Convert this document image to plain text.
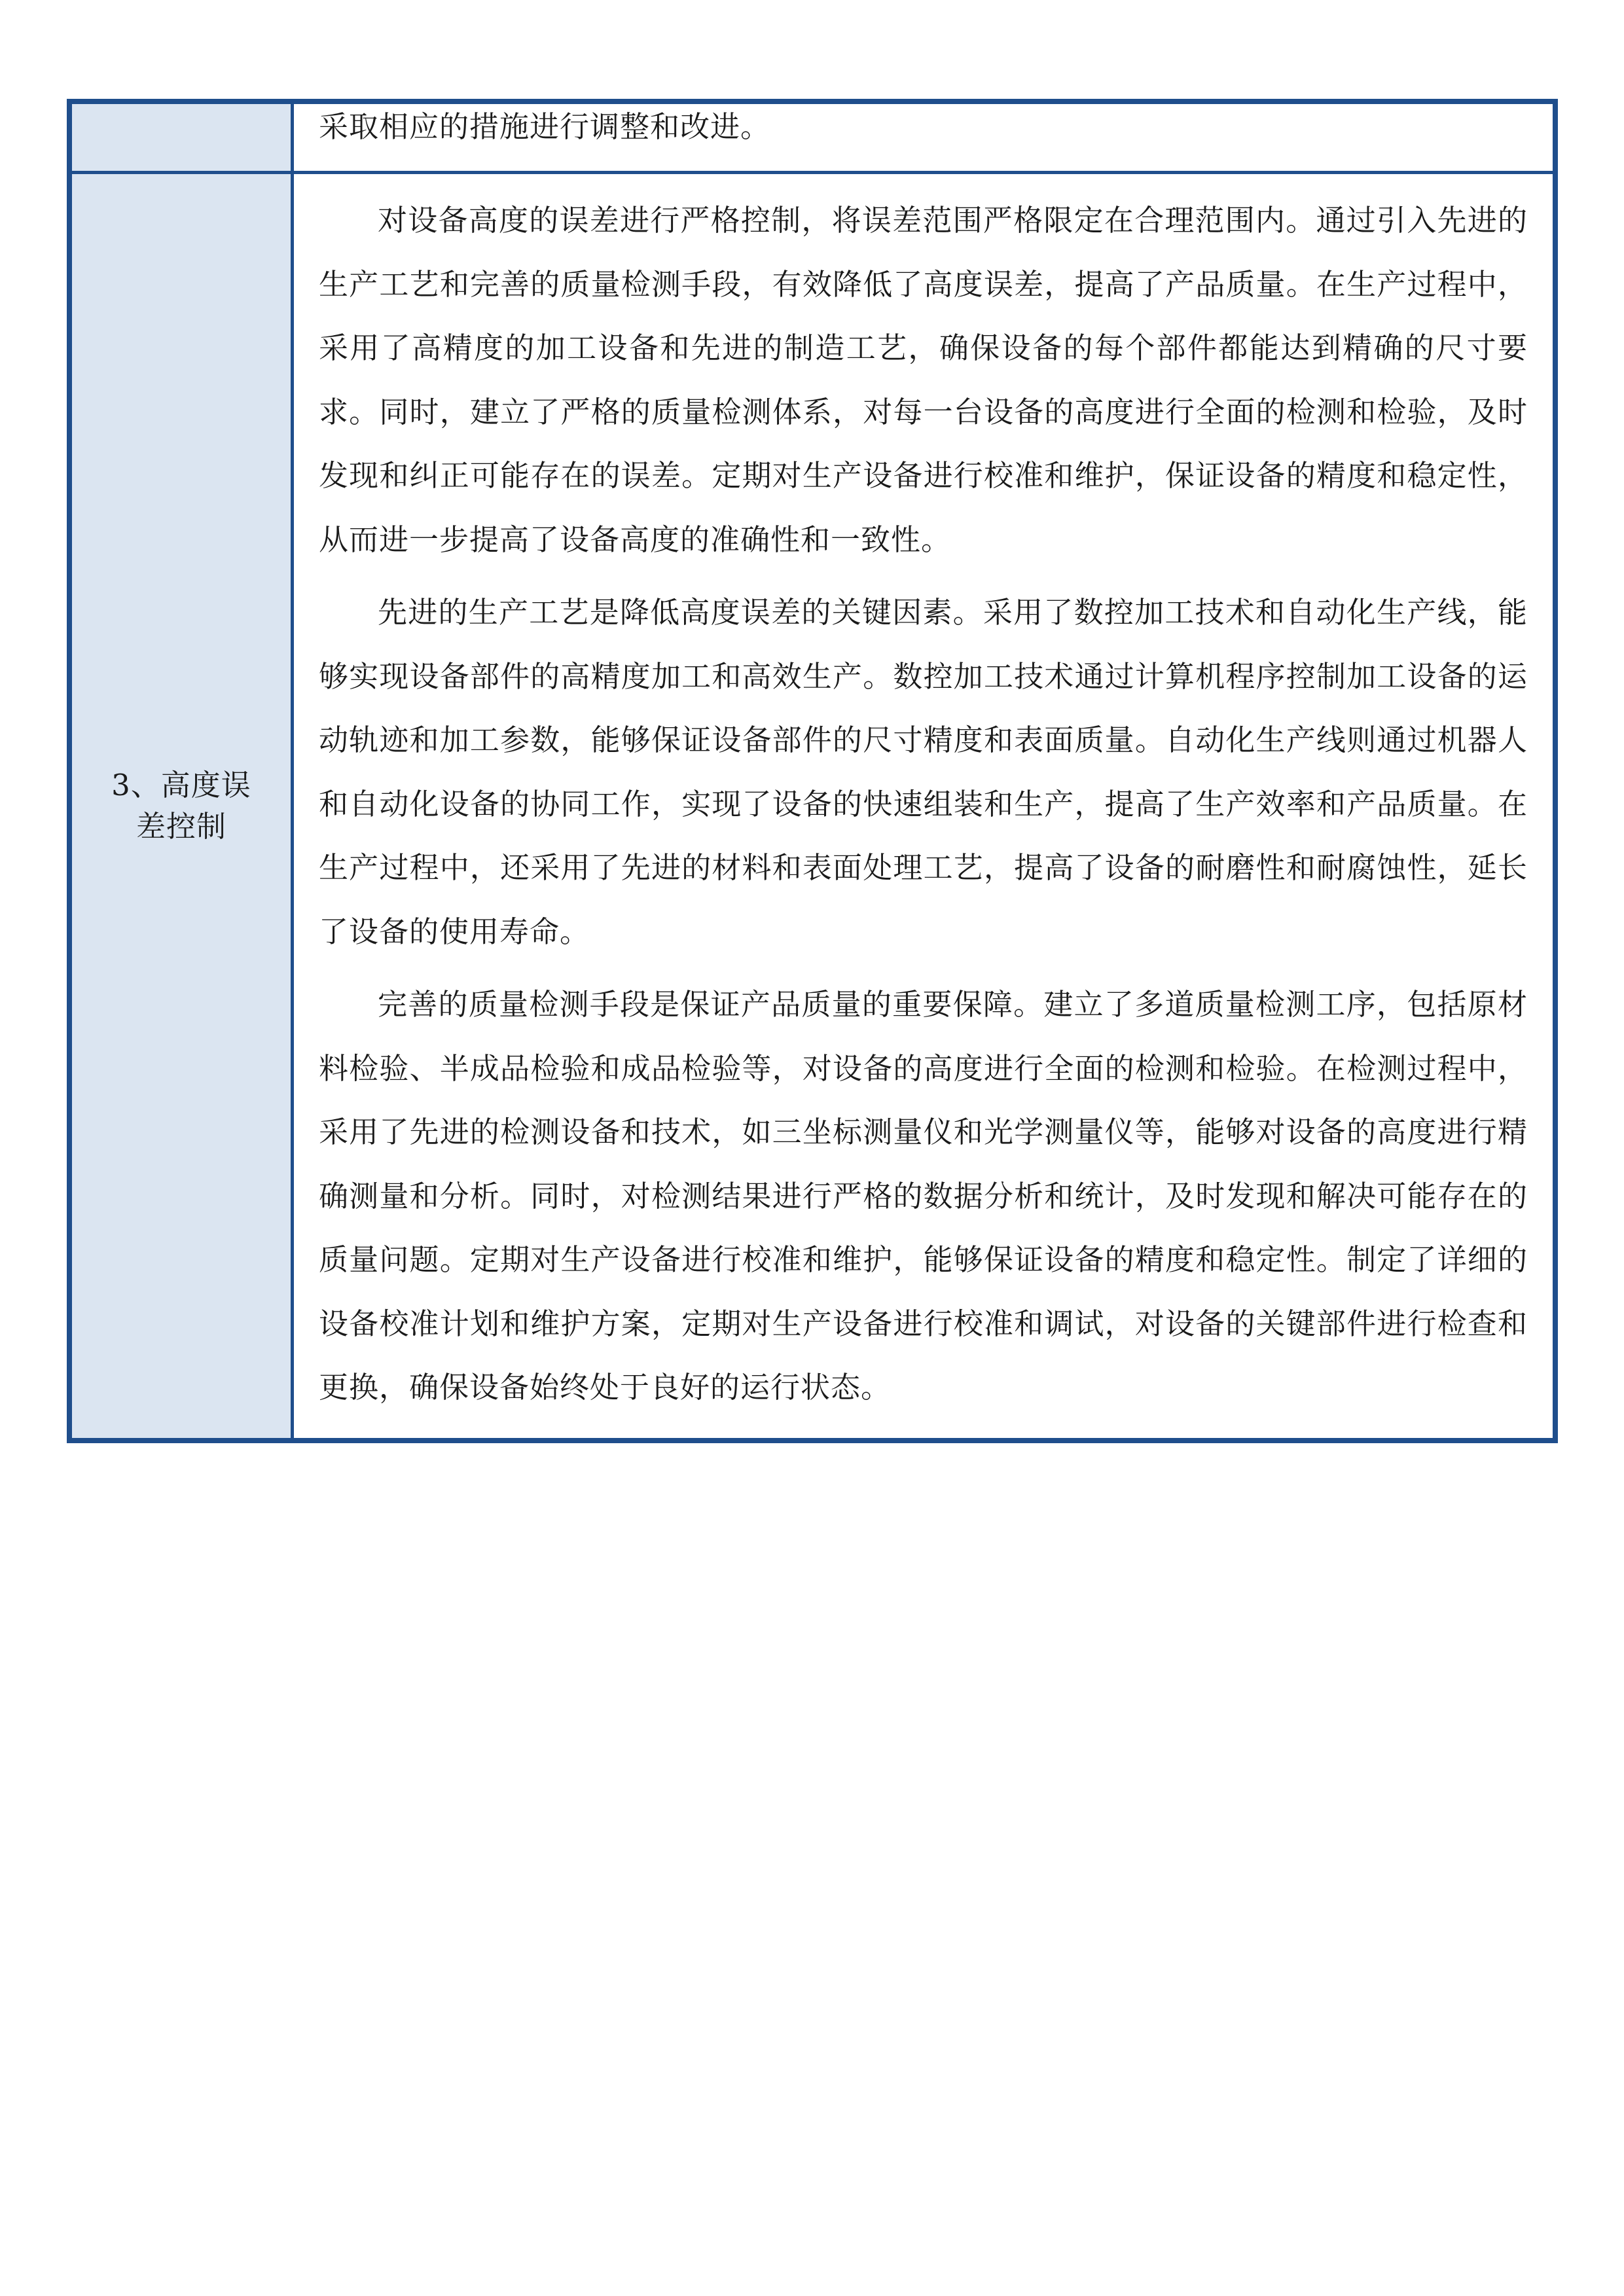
采取相应的措施进行调整和改进。

3、高度误差控制

对设备高度的误差进行严格控制，将误差范围严格限定在合理范围内。通过引入先进的生产工艺和完善的质量检测手段，有效降低了高度误差，提高了产品质量。在生产过程中，采用了高精度的加工设备和先进的制造工艺，确保设备的每个部件都能达到精确的尺寸要求。同时，建立了严格的质量检测体系，对每一台设备的高度进行全面的检测和检验，及时发现和纠正可能存在的误差。定期对生产设备进行校准和维护，保证设备的精度和稳定性，从而进一步提高了设备高度的准确性和一致性。

先进的生产工艺是降低高度误差的关键因素。采用了数控加工技术和自动化生产线，能够实现设备部件的高精度加工和高效生产。数控加工技术通过计算机程序控制加工设备的运动轨迹和加工参数，能够保证设备部件的尺寸精度和表面质量。自动化生产线则通过机器人和自动化设备的协同工作，实现了设备的快速组装和生产，提高了生产效率和产品质量。在生产过程中，还采用了先进的材料和表面处理工艺，提高了设备的耐磨性和耐腐蚀性，延长了设备的使用寿命。

完善的质量检测手段是保证产品质量的重要保障。建立了多道质量检测工序，包括原材料检验、半成品检验和成品检验等，对设备的高度进行全面的检测和检验。在检测过程中，采用了先进的检测设备和技术，如三坐标测量仪和光学测量仪等，能够对设备的高度进行精确测量和分析。同时，对检测结果进行严格的数据分析和统计，及时发现和解决可能存在的质量问题。定期对生产设备进行校准和维护，能够保证设备的精度和稳定性。制定了详细的设备校准计划和维护方案，定期对生产设备进行校准和调试，对设备的关键部件进行检查和更换，确保设备始终处于良好的运行状态。
